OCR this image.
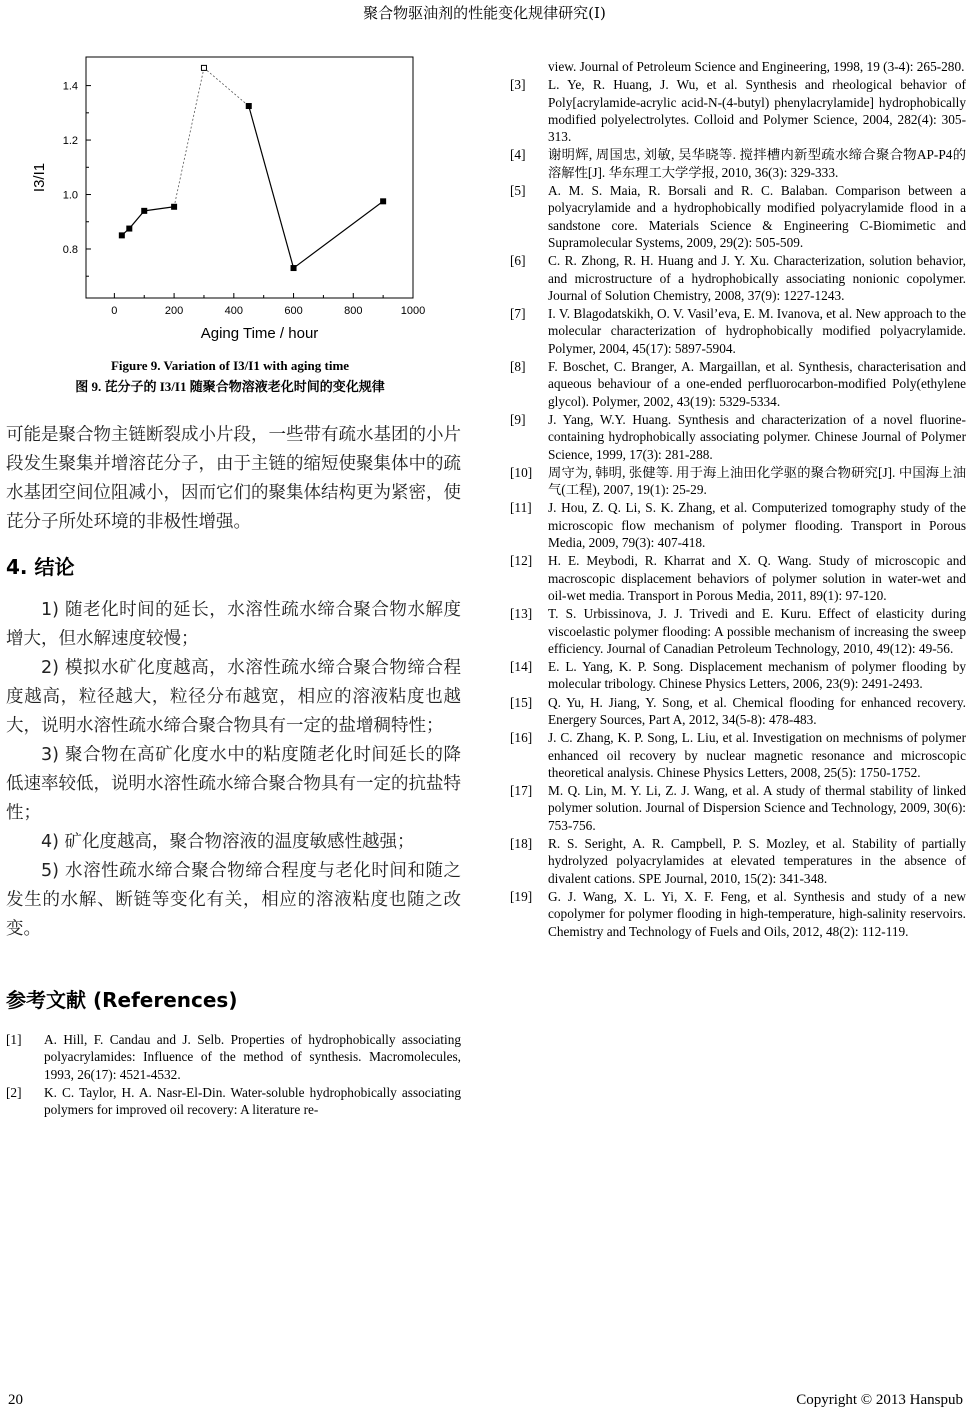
聚合物驱油剂的性能变化规律研究(I)
0	200	400	600	800	1000
0.8
1.0
1.2
1.4
Aging Time / hour
I3/I1
Figure 9. Variation of I3/I1 with aging time
图 9. 芘分子的 I3/I1 随聚合物溶液老化时间的变化规律

可能是聚合物主链断裂成小片段，一些带有疏水基团的小片段发生聚集并增溶芘分子，由于主链的缩短使聚集体中的疏水基团空间位阻减小，因而它们的聚集体结构更为紧密，使芘分子所处环境的非极性增强。

4. 结论

1) 随老化时间的延长，水溶性疏水缔合聚合物水解度增大，但水解速度较慢；

2) 模拟水矿化度越高，水溶性疏水缔合聚合物缔合程度越高，粒径越大，粒径分布越宽，相应的溶液粘度也越大，说明水溶性疏水缔合聚合物具有一定的盐增稠特性；

3) 聚合物在高矿化度水中的粘度随老化时间延长的降低速率较低，说明水溶性疏水缔合聚合物具有一定的抗盐特性；

4) 矿化度越高，聚合物溶液的温度敏感性越强；

5) 水溶性疏水缔合聚合物缔合程度与老化时间和随之发生的水解、断链等变化有关，相应的溶液粘度也随之改变。

参考文献 (References)
[1]	A. Hill, F. Candau and J. Selb. Properties of hydrophobically associating polyacrylamides: Influence of the method of synthesis. Macromolecules, 1993, 26(17): 4521-4532.
[2]	K. C. Taylor, H. A. Nasr-El-Din. Water-soluble hydrophobically associating polymers for improved oil recovery: A literature re-
view. Journal of Petroleum Science and Engineering, 1998, 19 (3-4): 265-280.
[3]	L. Ye, R. Huang, J. Wu, et al. Synthesis and rheological behavior of Poly[acrylamide-acrylic acid-N-(4-butyl) phenylacrylamide] hydrophobically modified polyelectrolytes. Colloid and Polymer Science, 2004, 282(4): 305-313.
[4]	谢明辉, 周国忠, 刘敏, 吴华晓等. 搅拌槽内新型疏水缔合聚合物AP-P4的溶解性[J]. 华东理工大学学报, 2010, 36(3): 329-333.
[5]	A. M. S. Maia, R. Borsali and R. C. Balaban. Comparison between a polyacrylamide and a hydrophobically modified polyacrylamide flood in a sandstone core. Materials Science & Engineering C-Biomimetic and Supramolecular Systems, 2009, 29(2): 505-509.
[6]	C. R. Zhong, R. H. Huang and J. Y. Xu. Characterization, solution behavior, and microstructure of a hydrophobically associating nonionic copolymer. Journal of Solution Chemistry, 2008, 37(9): 1227-1243.
[7]	I. V. Blagodatskikh, O. V. Vasil’eva, E. M. Ivanova, et al. New approach to the molecular characterization of hydrophobically modified polyacrylamide. Polymer, 2004, 45(17): 5897-5904.
[8]	F. Boschet, C. Branger, A. Margaillan, et al. Synthesis, characterisation and aqueous behaviour of a one-ended perfluorocarbon-modified Poly(ethylene glycol). Polymer, 2002, 43(19): 5329-5334.
[9]	J. Yang, W.Y. Huang. Synthesis and characterization of a novel fluorine-containing hydrophobically associating polymer. Chinese Journal of Polymer Science, 1999, 17(3): 281-288.
[10]	周守为, 韩明, 张健等. 用于海上油田化学驱的聚合物研究[J]. 中国海上油气(工程), 2007, 19(1): 25-29.
[11]	J. Hou, Z. Q. Li, S. K. Zhang, et al. Computerized tomography study of the microscopic flow mechanism of polymer flooding. Transport in Porous Media, 2009, 79(3): 407-418.
[12]	H. E. Meybodi, R. Kharrat and X. Q. Wang. Study of microscopic and macroscopic displacement behaviors of polymer solution in water-wet and oil-wet media. Transport in Porous Media, 2011, 89(1): 97-120.
[13]	T. S. Urbissinova, J. J. Trivedi and E. Kuru. Effect of elasticity during viscoelastic polymer flooding: A possible mechanism of increasing the sweep efficiency. Journal of Canadian Petroleum Technology, 2010, 49(12): 49-56.
[14]	E. L. Yang, K. P. Song. Displacement mechanism of polymer flooding by molecular tribology. Chinese Physics Letters, 2006, 23(9): 2491-2493.
[15]	Q. Yu, H. Jiang, Y. Song, et al. Chemical flooding for enhanced recovery. Energery Sources, Part A, 2012, 34(5-8): 478-483.
[16]	J. C. Zhang, K. P. Song, L. Liu, et al. Investigation on mechnisms of polymer enhanced oil recovery by nuclear magnetic resonance and microscopic theoretical analysis. Chinese Physics Letters, 2008, 25(5): 1750-1752.
[17]	M. Q. Lin, M. Y. Li, Z. J. Wang, et al. A study of thermal stability of linked polymer solution. Journal of Dispersion Science and Technology, 2009, 30(6): 753-756.
[18]	R. S. Seright, A. R. Campbell, P. S. Mozley, et al. Stability of partially hydrolyzed polyacrylamides at elevated temperatures in the absence of divalent cations. SPE Journal, 2010, 15(2): 341-348.
[19]	G. J. Wang, X. L. Yi, X. F. Feng, et al. Synthesis and study of a new copolymer for polymer flooding in high-temperature, high-salinity reservoirs. Chemistry and Technology of Fuels and Oils, 2012, 48(2): 112-119.
20	Copyright © 2013 Hanspub
